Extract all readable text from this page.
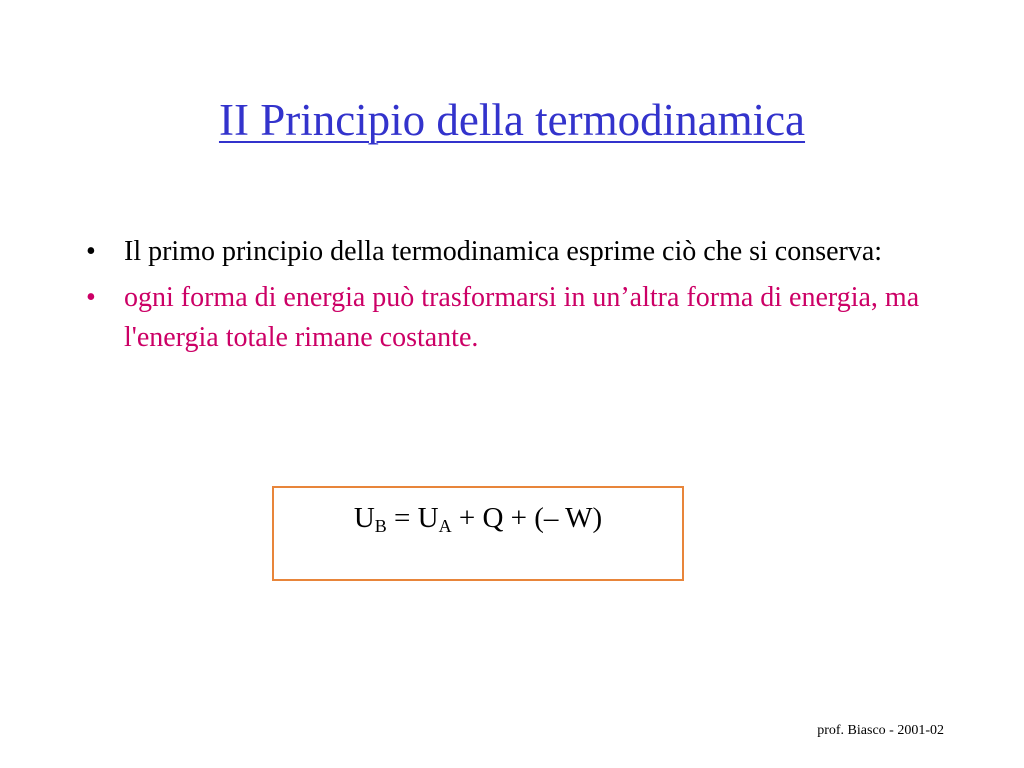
II Principio della termodinamica
• Il primo principio della termodinamica esprime ciò che si conserva:
• ogni forma di energia può trasformarsi in un’altra forma di energia, ma l'energia totale rimane costante.
$U_B = U_A + Q$ + (– W)
prof. Biasco - 2001-02
